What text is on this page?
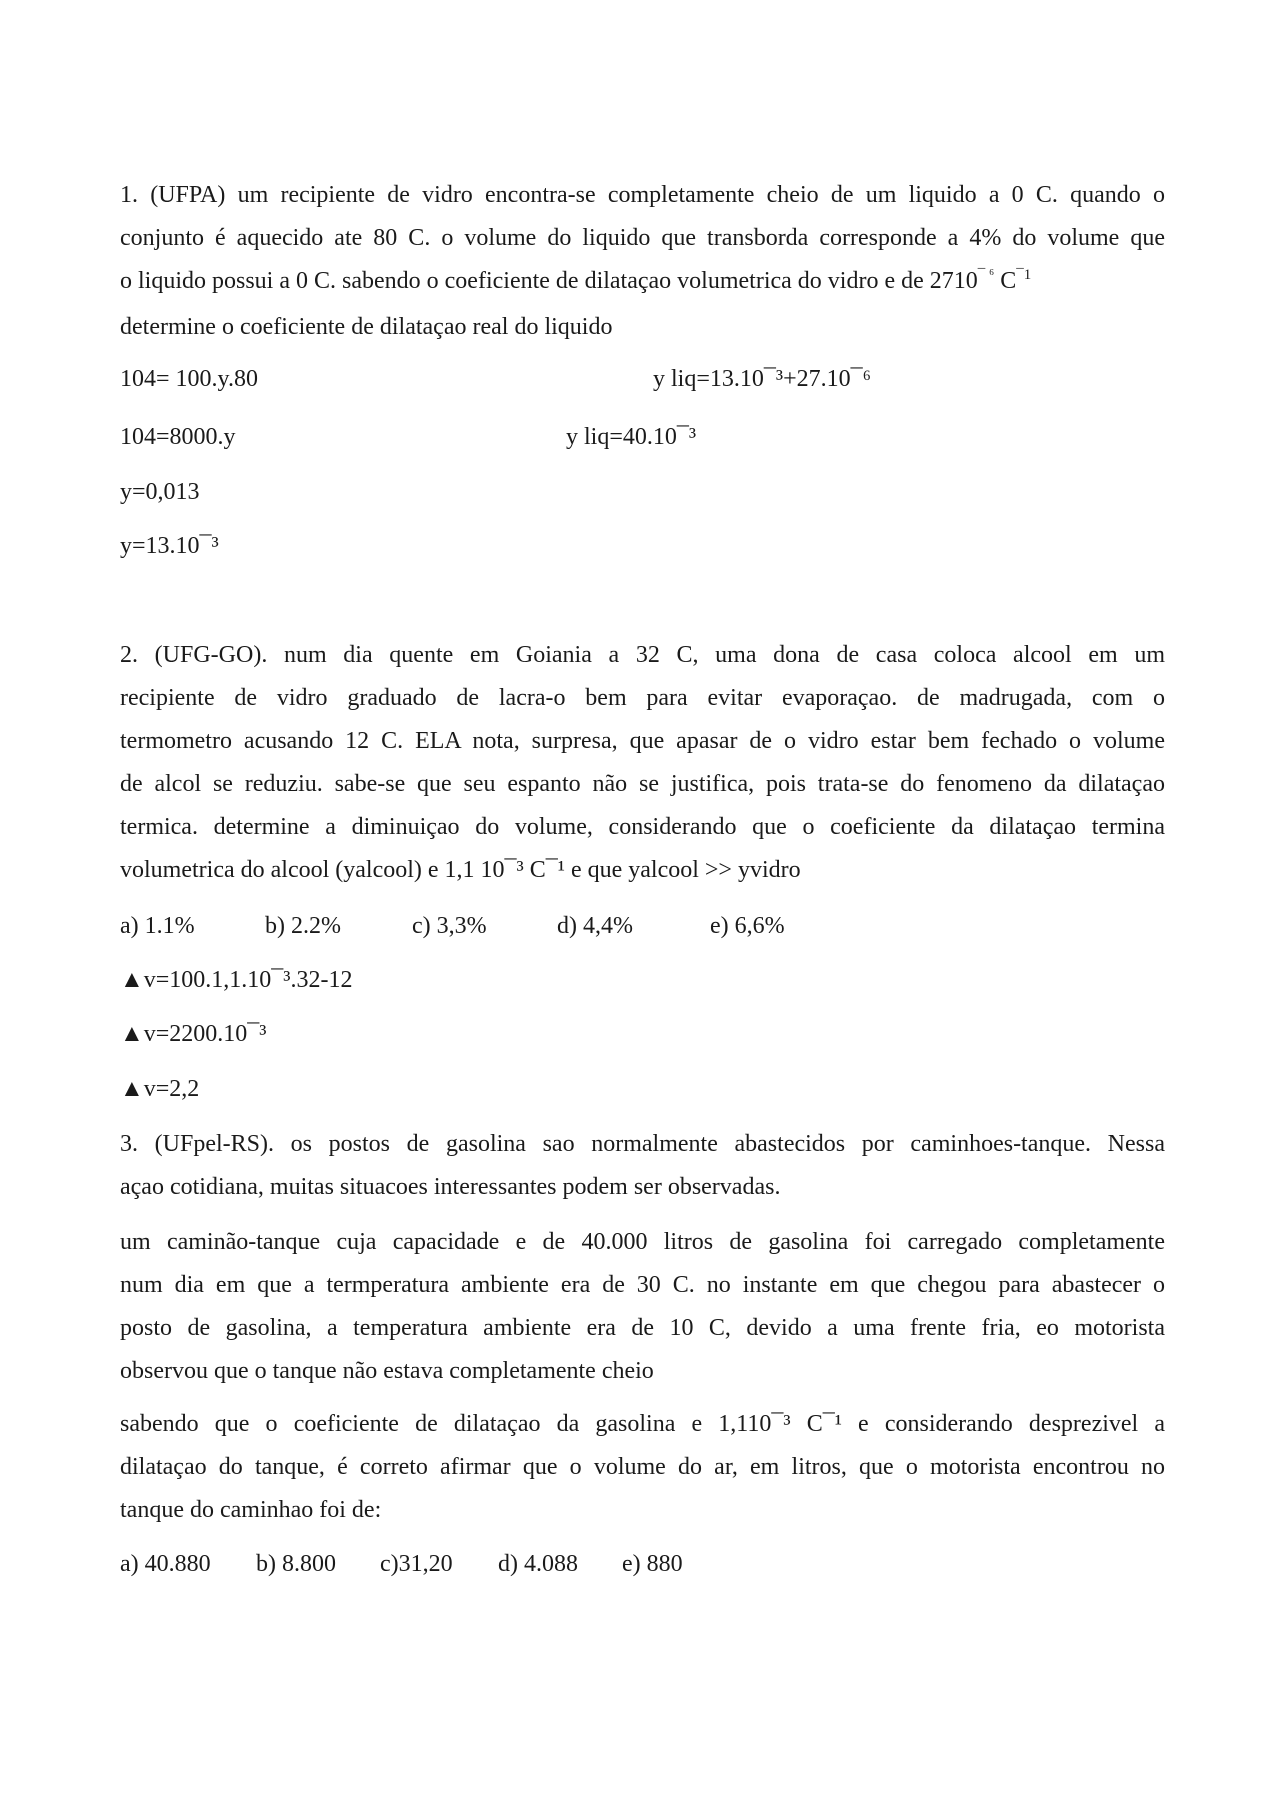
1. (UFPA) um recipiente de vidro encontra-se completamente cheio de um liquido a 0 C. quando o
conjunto é aquecido ate 80 C. o volume do liquido que transborda corresponde a 4% do volume que
o liquido possui a 0 C. sabendo o coeficiente de dilataçao volumetrica do vidro e de $2710^{¯ ^6}$ $C^{¯1}$
determine o coeficiente de dilataçao real do liquido
104= 100.y.80	y liq=13.10¯³+27.10¯⁶
104=8000.y	y liq=40.10¯³
y=0,013
y=13.10¯³
2. (UFG-GO). num dia quente em Goiania a 32 C, uma dona de casa coloca alcool em um
recipiente de vidro graduado de lacra-o bem para evitar evaporaçao. de madrugada, com o
termometro acusando 12 C. ELA nota, surpresa, que apasar de o vidro estar bem fechado o volume
de alcol se reduziu. sabe-se que seu espanto não se justifica, pois trata-se do fenomeno da dilataçao
termica. determine a diminuiçao do volume, considerando que o coeficiente da dilataçao termina
volumetrica do alcool (yalcool) e 1,1 10¯³ C¯¹ e que yalcool >> yvidro
a) 1.1%	b) 2.2%	c) 3,3%	d) 4,4%	e) 6,6%
▲v=100.1,1.10¯³.32-12
▲v=2200.10¯³
▲v=2,2
3. (UFpel-RS). os postos de gasolina sao normalmente abastecidos por caminhoes-tanque. Nessa
açao cotidiana, muitas situacoes interessantes podem ser observadas.
um caminão-tanque cuja capacidade e de 40.000 litros de gasolina foi carregado completamente
num dia em que a termperatura ambiente era de 30 C. no instante em que chegou para abastecer o
posto de gasolina, a temperatura ambiente era de 10 C, devido a uma frente fria, eo motorista
observou que o tanque não estava completamente cheio
sabendo que o coeficiente de dilataçao da gasolina e 1,110¯³ C¯¹ e considerando desprezivel a
dilataçao do tanque, é correto afirmar que o volume do ar, em litros, que o motorista encontrou no
tanque do caminhao foi de:
a) 40.880 b) 8.800 c)31,20 d) 4.088 e) 880
